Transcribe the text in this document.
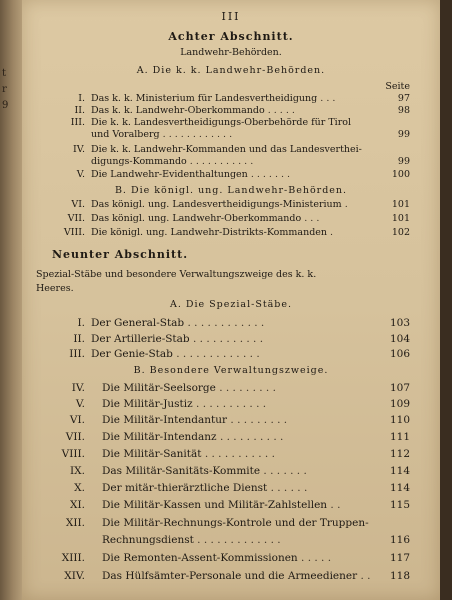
t
r
9
III
Achter Abschnitt.
Landwehr-Behörden.
A. Die k. k. Landwehr-Behörden.
Seite
I. Das k. k. Ministerium für Landesvertheidigung . . .	97
II. Das k. k. Landwehr-Oberkommando . . . . .	98
III. Die k. k. Landesvertheidigungs-Oberbehörde für Tirol
und Voralberg . . . . . . . . . . . .	99
IV. Die k. k. Landwehr-Kommanden und das Landesverthei-
digungs-Kommando . . . . . . . . . . .	99
V. Die Landwehr-Evidenthaltungen . . . . . . .	100
B. Die königl. ung. Landwehr-Behörden.
VI. Das königl. ung. Landesvertheidigungs-Ministerium .	101
VII. Das königl. ung. Landwehr-Oberkommando . . .	101
VIII. Die königl. ung. Landwehr-Distrikts-Kommanden .	102
Neunter Abschnitt.
Spezial-Stäbe und besondere Verwaltungszweige des k. k.
Heeres.
A. Die Spezial-Stäbe.
I. Der General-Stab . . . . . . . . . . . .	103
II. Der Artillerie-Stab . . . . . . . . . . .	104
III. Der Genie-Stab . . . . . . . . . . . . .	106
B. Besondere Verwaltungszweige.
IV. Die Militär-Seelsorge . . . . . . . . .	107
V. Die Militär-Justiz . . . . . . . . . . .	109
VI. Die Militär-Intendantur . . . . . . . . .	110
VII. Die Militär-Intendanz . . . . . . . . . .	111
VIII. Die Militär-Sanität . . . . . . . . . . .	112
IX. Das Militär-Sanitäts-Kommite . . . . . . .	114
X. Der mitär-thierärztliche Dienst . . . . . .	114
XI. Die Militär-Kassen und Militär-Zahlstellen . .	115
XII. Die Militär-Rechnungs-Kontrole und der Truppen-
Rechnungsdienst . . . . . . . . . . . . .	116
XIII. Die Remonten-Assent-Kommissionen . . . . .	117
XIV. Das Hülfsämter-Personale und die Armeediener . . 118
